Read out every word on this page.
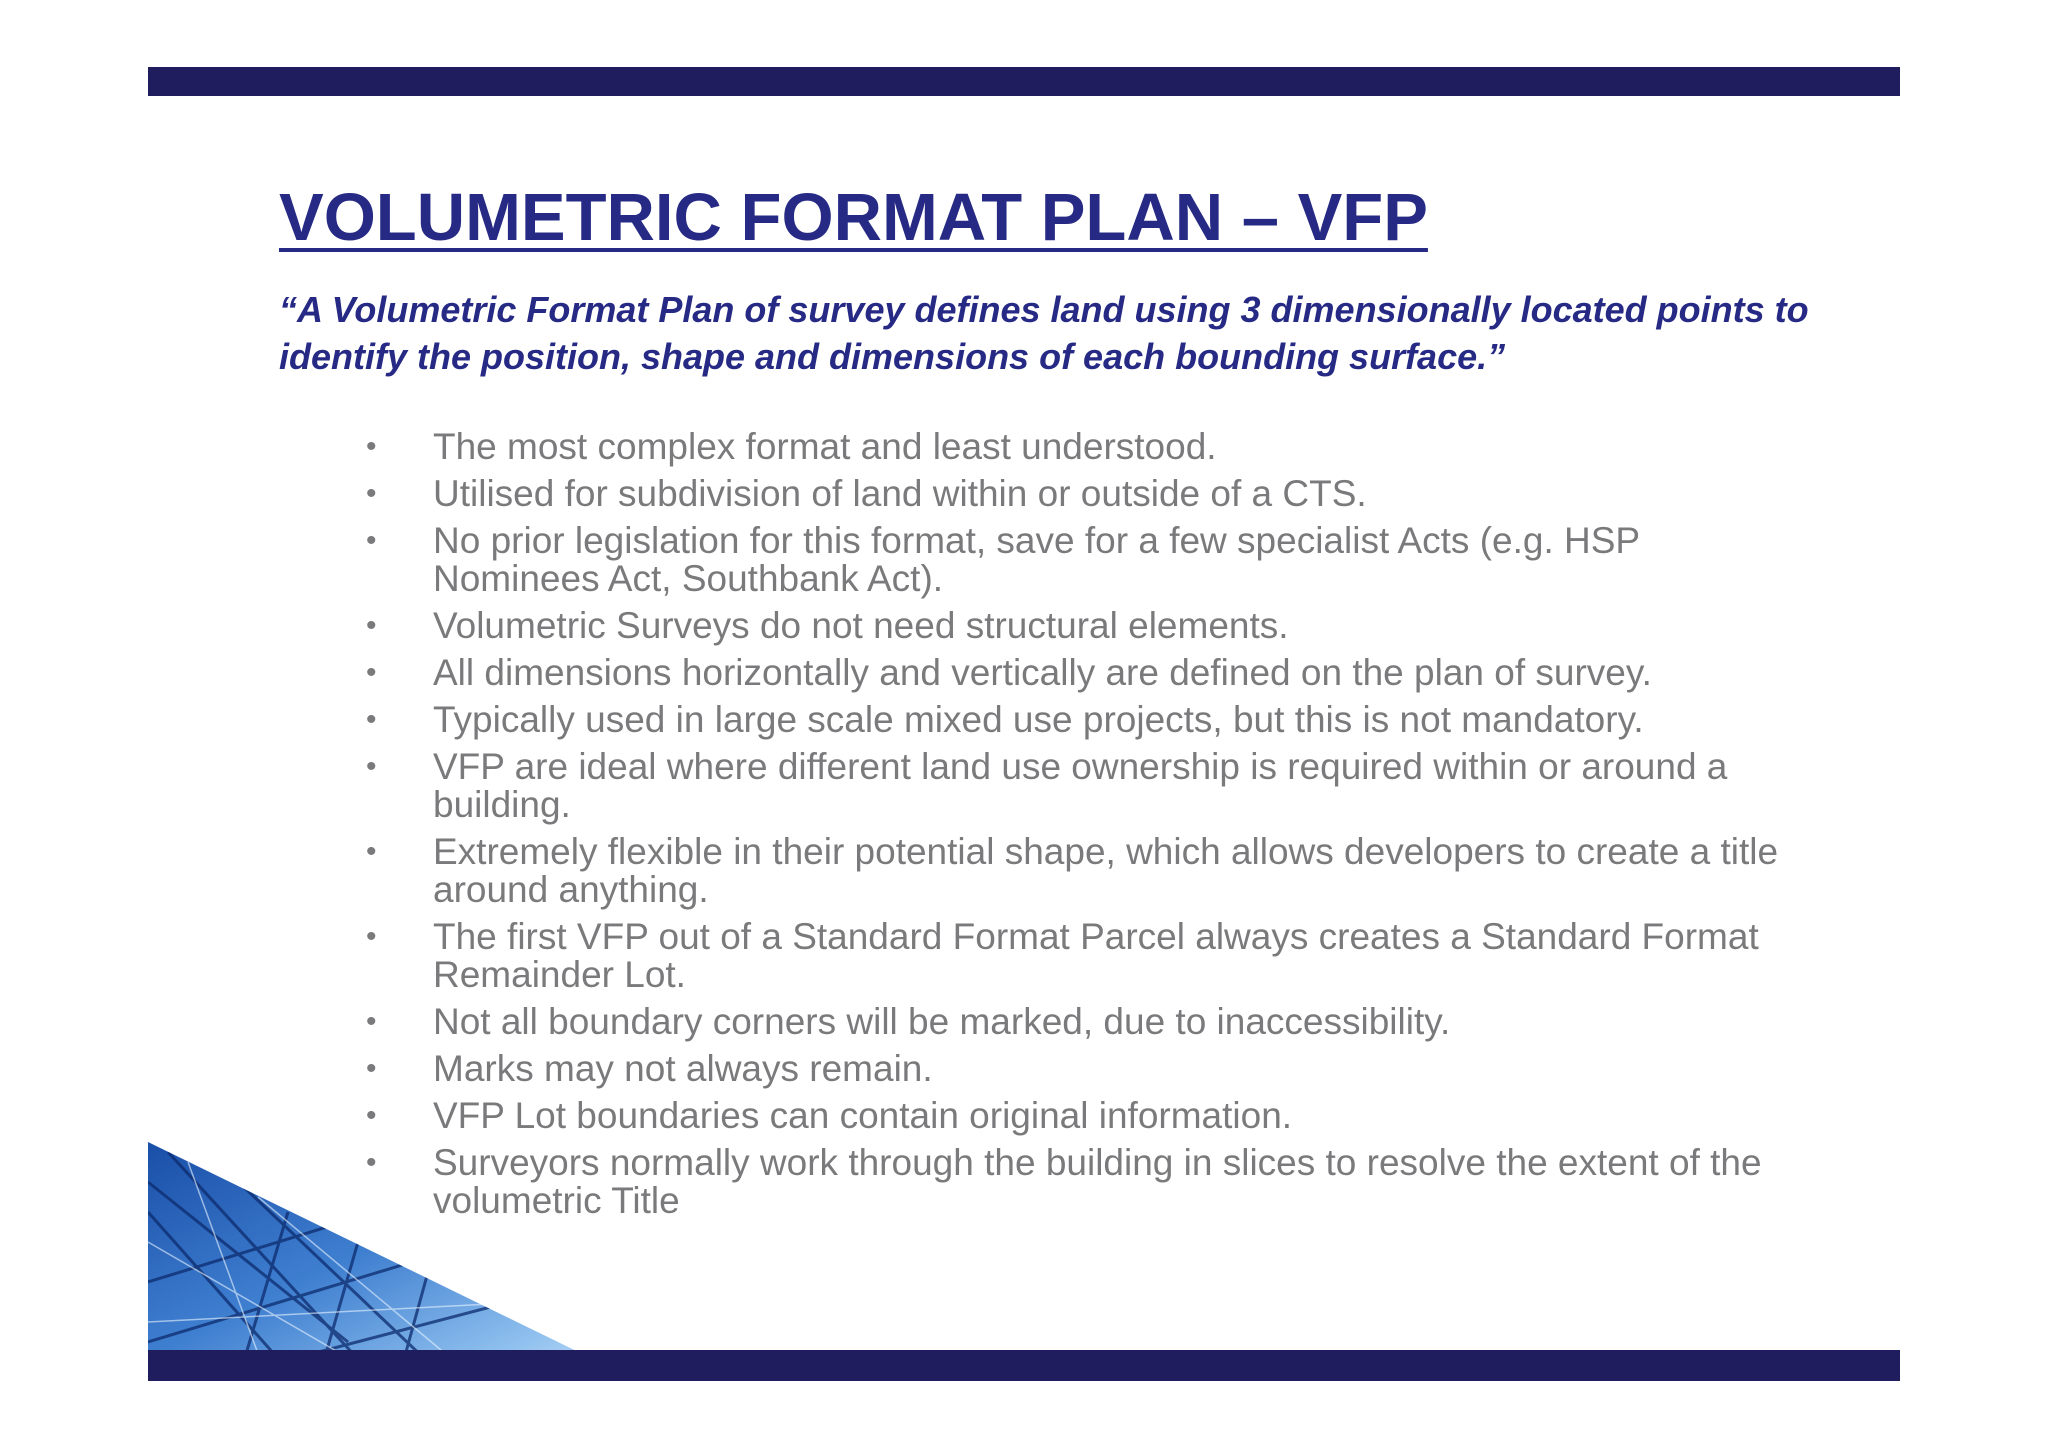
VOLUMETRIC FORMAT PLAN – VFP

“A Volumetric Format Plan of survey defines land using 3 dimensionally located points to identify the position, shape and dimensions of each bounding surface.”

• The most complex format and least understood.
• Utilised for subdivision of land within or outside of a CTS.
• No prior legislation for this format, save for a few specialist Acts (e.g. HSP Nominees Act, Southbank Act).
• Volumetric Surveys do not need structural elements.
• All dimensions horizontally and vertically are defined on the plan of survey.
• Typically used in large scale mixed use projects, but this is not mandatory.
• VFP are ideal where different land use ownership is required within or around a building.
• Extremely flexible in their potential shape, which allows developers to create a title around anything.
• The first VFP out of a Standard Format Parcel always creates a Standard Format Remainder Lot.
• Not all boundary corners will be marked, due to inaccessibility.
• Marks may not always remain.
• VFP Lot boundaries can contain original information.
• Surveyors normally work through the building in slices to resolve the extent of the volumetric Title
